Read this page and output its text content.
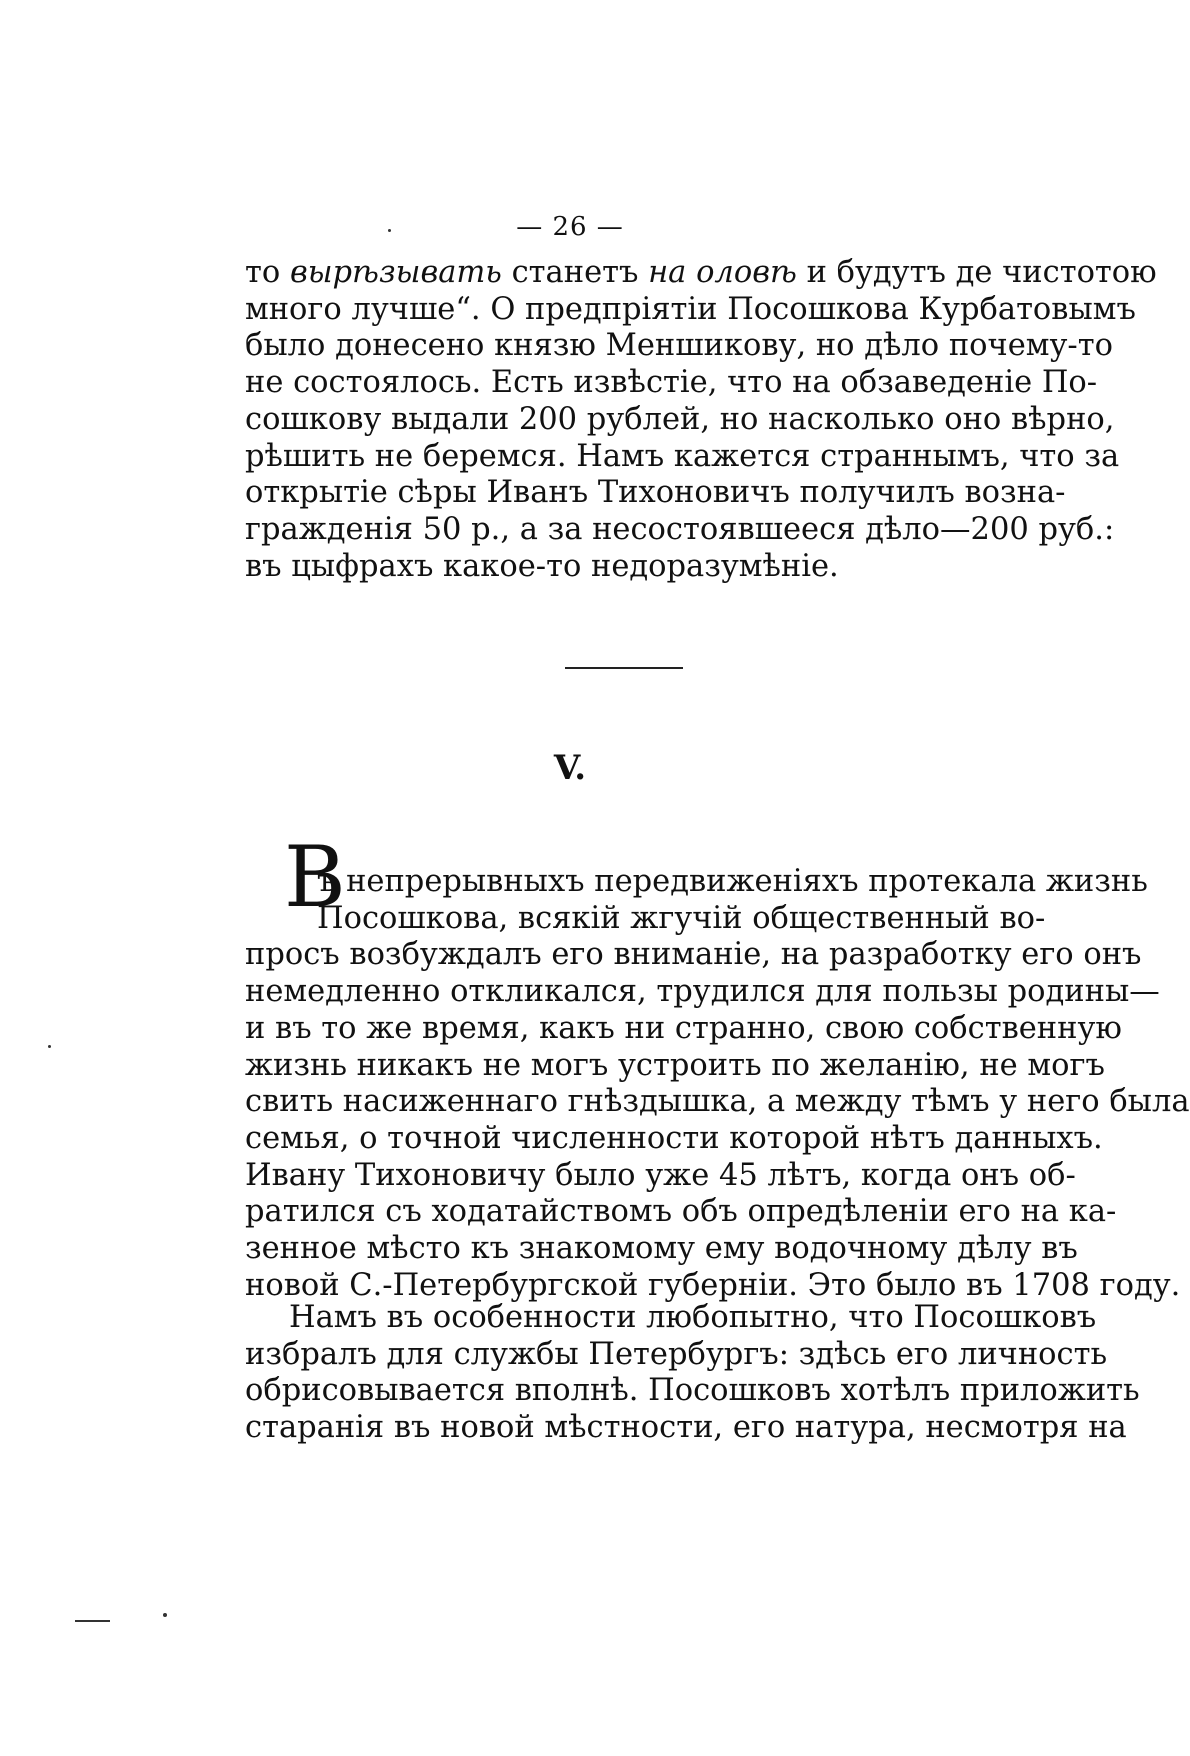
— 26 —
то вырѣзывать станетъ на оловѣ и будутъ де чистотою
много лучше“. О предпріятіи Посошкова Курбатовымъ
было донесено князю Меншикову, но дѣло почему-то
не состоялось. Есть извѣстіе, что на обзаведеніе По-
сошкову выдали 200 рублей, но насколько оно вѣрно,
рѣшить не беремся. Намъ кажется страннымъ, что за
открытіе сѣры Иванъ Тихоновичъ получилъ возна-
гражденія 50 р., а за несостоявшееся дѣло—200 руб.:
въ цыфрахъ какое-то недоразумѣніе.
V.
В
ъ непрерывныхъ передвиженіяхъ протекала жизнь
Посошкова, всякій жгучій общественный во-
просъ возбуждалъ его вниманіе, на разработку его онъ
немедленно откликался, трудился для пользы родины—
и въ то же время, какъ ни странно, свою собственную
жизнь никакъ не могъ устроить по желанію, не могъ
свить насиженнаго гнѣздышка, а между тѣмъ у него была
семья, о точной численности которой нѣтъ данныхъ.
Ивану Тихоновичу было уже 45 лѣтъ, когда онъ об-
ратился съ ходатайствомъ объ опредѣленіи его на ка-
зенное мѣсто къ знакомому ему водочному дѣлу въ
новой С.-Петербургской губерніи. Это было въ 1708 году.
Намъ въ особенности любопытно, что Посошковъ
избралъ для службы Петербургъ: здѣсь его личность
обрисовывается вполнѣ. Посошковъ хотѣлъ приложить
старанія въ новой мѣстности, его натура, несмотря на
